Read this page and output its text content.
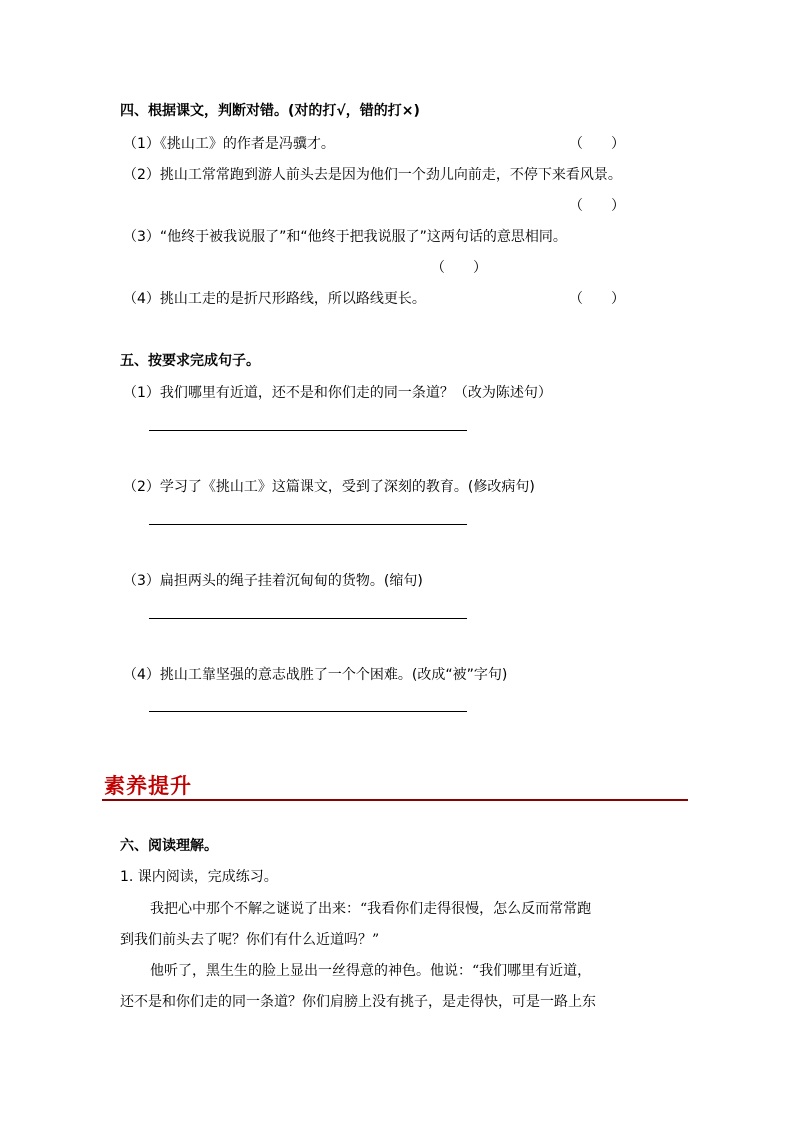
四、根据课文，判断对错。(对的打√，错的打×)
（1）《挑山工》的作者是冯骥才。	（　　）
（2）挑山工常常跑到游人前头去是因为他们一个劲儿向前走，不停下来看风景。
（　　）
（3）“他终于被我说服了”和“他终于把我说服了”这两句话的意思相同。
（　　）
（4）挑山工走的是折尺形路线，所以路线更长。	（　　）
五、按要求完成句子。
（1）我们哪里有近道，还不是和你们走的同一条道？（改为陈述句）
（2）学习了《挑山工》这篇课文，受到了深刻的教育。(修改病句)
（3）扁担两头的绳子挂着沉甸甸的货物。(缩句)
（4）挑山工靠坚强的意志战胜了一个个困难。(改成“被”字句)
素养提升
六、阅读理解。
1. 课内阅读，完成练习。
我把心中那个不解之谜说了出来：“我看你们走得很慢，怎么反而常常跑
到我们前头去了呢？你们有什么近道吗？”
他听了，黑生生的脸上显出一丝得意的神色。他说：“我们哪里有近道，
还不是和你们走的同一条道？你们肩膀上没有挑子，是走得快，可是一路上东
